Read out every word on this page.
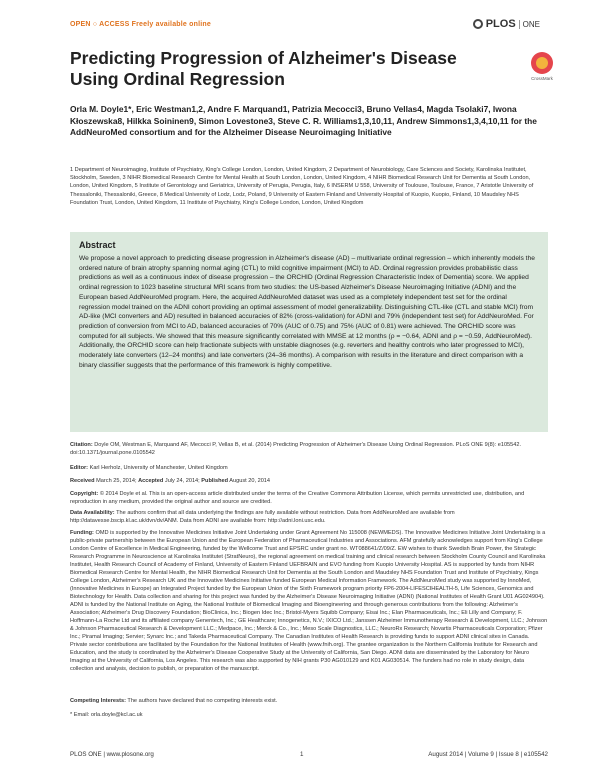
OPEN ○ ACCESS Freely available online	PLOS ONE
Predicting Progression of Alzheimer's Disease Using Ordinal Regression	CrossMark
Orla M. Doyle1*, Eric Westman1,2, Andre F. Marquand1, Patrizia Mecocci3, Bruno Vellas4, Magda Tsolaki7, Iwona Kłoszewska8, Hilkka Soininen9, Simon Lovestone3, Steve C. R. Williams1,3,10,11, Andrew Simmons1,3,4,10,11 for the AddNeuroMed consortium and for the Alzheimer Disease Neuroimaging Initiative
1 Department of Neuroimaging, Institute of Psychiatry, King's College London, London, United Kingdom, 2 Department of Neurobiology, Care Sciences and Society, Karolinska Institutet, Stockholm, Sweden, 3 NIHR Biomedical Research Centre for Mental Health at South London, London, United Kingdom, 4 NIHR Biomedical Research Unit for Dementia at South London, London, United Kingdom, 5 Institute of Gerontology and Geriatrics, University of Perugia, Perugia, Italy, 6 INSERM U 558, University of Toulouse, Toulouse, France, 7 Aristotle University of Thessaloniki, Thessaloniki, Greece, 8 Medical University of Lodz, Lodz, Poland, 9 University of Eastern Finland and University Hospital of Kuopio, Kuopio, Finland, 10 Maudsley NHS Foundation Trust, London, United Kingdom, 11 Institute of Psychiatry, King's College London, London, United Kingdom
Abstract

We propose a novel approach to predicting disease progression in Alzheimer's disease (AD) – multivariate ordinal regression – which inherently models the ordered nature of brain atrophy spanning normal aging (CTL) to mild cognitive impairment (MCI) to AD. Ordinal regression provides probabilistic class predictions as well as a continuous index of disease progression – the ORCHID (Ordinal Regression Characteristic Index of Dementia) score. We applied ordinal regression to 1023 baseline structural MRI scans from two studies: the US-based Alzheimer's Disease Neuroimaging Initiative (ADNI) and the European based AddNeuroMed program. Here, the acquired AddNeuroMed dataset was used as a completely independent test set for the ordinal regression model trained on the ADNI cohort providing an optimal assessment of model generalizability. Distinguishing CTL-like (CTL and stable MCI) from AD-like (MCI converters and AD) resulted in balanced accuracies of 82% (cross-validation) for ADNI and 79% (independent test set) for AddNeuroMed. For prediction of conversion from MCI to AD, balanced accuracies of 70% (AUC of 0.75) and 75% (AUC of 0.81) were achieved. The ORCHID score was computed for all subjects. We showed that this measure significantly correlated with MMSE at 12 months (ρ = −0.64, ADNI and ρ = −0.59, AddNeuroMed). Additionally, the ORCHID score can help fractionate subjects with unstable diagnoses (e.g. reverters and healthy controls who later progressed to MCI), moderately late converters (12–24 months) and late converters (24–36 months). A comparison with results in the literature and direct comparison with a binary classifier suggests that the performance of this framework is highly competitive.

Citation: Doyle OM, Westman E, Marquand AF, Mecocci P, Vellas B, et al. (2014) Predicting Progression of Alzheimer's Disease Using Ordinal Regression. PLoS ONE 9(8): e105542. doi:10.1371/journal.pone.0105542
Editor: Karl Herholz, University of Manchester, United Kingdom
Received March 25, 2014; Accepted July 24, 2014; Published August 20, 2014
Copyright: © 2014 Doyle et al. This is an open-access article distributed under the terms of the Creative Commons Attribution License, which permits unrestricted use, distribution, and reproduction in any medium, provided the original author and source are credited.
Data Availability: The authors confirm that all data underlying the findings are fully available without restriction. Data from AddNeuroMed are available from http://datavesse.bscip.kl.ac.uk/dvn/dv/ANM. Data from ADNI are available from: http://adni.loni.usc.edu.
Funding: OMD is supported by the Innovative Medicines Initiative Joint Undertaking under Grant Agreement No 115008 (NEWMEDS). The Innovative Medicines Initiative Joint Undertaking is a public-private partnership between the European Union and the European Federation of Pharmaceutical Industries and Associations. AFM gratefully acknowledges support from King's College London Centre of Excellence in Medical Engineering, funded by the Wellcome Trust and EPSRC under grant no. WT088641/Z/09/Z. EW wishes to thank Swedish Brain Power, the Strategic Research Programme in Neuroscience at Karolinska Institutet (StratNeuro), the regional agreement on medical training and clinical research between Stockholm County Council and Karolinska Institutet, Health Research Council of Academy of Finland, University of Eastern Finland UEFBRAIN and EVO funding from Kuopio University Hospital. AS is supported by funds from NIHR Biomedical Research Centre for Mental Health, the NIHR Biomedical Research Unit for Dementia at the South London and Maudsley NHS Foundation Trust and Institute of Psychiatry, Kings College London, Alzheimer's Research UK and the Innovative Medicines Initiative funded European Medical Information Framework. The AddNeuroMed study was supported by InnoMed, (Innovative Medicines in Europe) an Integrated Project funded by the European Union of the Sixth Framework program priority FP6-2004-LIFESCIHEALTH-5, Life Sciences, Genomics and Biotechnology for Health. Data collection and sharing for this project was funded by the Alzheimer's Disease Neuroimaging Initiative (ADNI) (National Institutes of Health Grant U01 AG024904). ADNI is funded by the National Institute on Aging, the National Institute of Biomedical Imaging and Bioengineering and through generous contributions from the following: Alzheimer's Association; Alzheimer's Drug Discovery Foundation; BioClinica, Inc.; Biogen Idec Inc.; Bristol-Myers Squibb Company; Eisai Inc.; Elan Pharmaceuticals, Inc.; Eli Lilly and Company; F. Hoffmann-La Roche Ltd and its affiliated company Genentech, Inc.; GE Healthcare; Innogenetics, N.V.; IXICO Ltd.; Janssen Alzheimer Immunotherapy Research & Development, LLC.; Johnson & Johnson Pharmaceutical Research & Development LLC.; Medpace, Inc.; Merck & Co., Inc.; Meso Scale Diagnostics, LLC.; NeuroRx Research; Novartis Pharmaceuticals Corporation; Pfizer Inc.; Piramal Imaging; Servier; Synarc Inc.; and Takeda Pharmaceutical Company. The Canadian Institutes of Health Research is providing funds to support ADNI clinical sites in Canada. Private sector contributions are facilitated by the Foundation for the National Institutes of Health (www.fnih.org). The grantee organization is the Northern California Institute for Research and Education, and the study is coordinated by the Alzheimer's Disease Cooperative Study at the University of California, San Diego. ADNI data are disseminated by the Laboratory for Neuro Imaging at the University of California, Los Angeles. This research was also supported by NIH grants P30 AG010129 and K01 AG030514. The funders had no role in study design, data collection and analysis, decision to publish, or preparation of the manuscript.
Competing Interests: The authors have declared that no competing interests exist.
* Email: orla.doyle@kcl.ac.uk
PLOS ONE | www.plosone.org	1	August 2014 | Volume 9 | Issue 8 | e105542
